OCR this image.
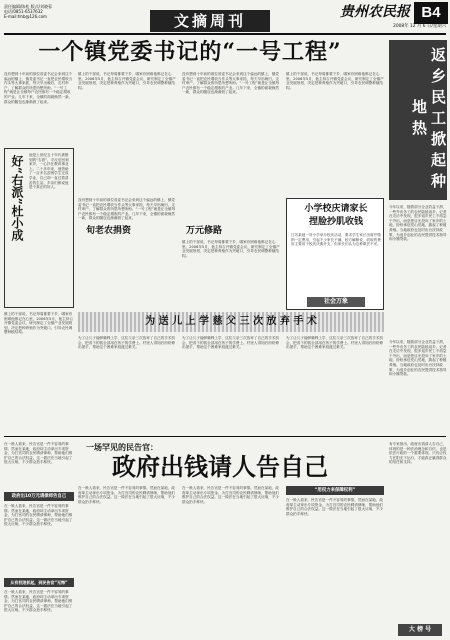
责任编辑/陈松 版式/刘晓蓉
电话/0851-6537632
E-mail:hhb@126.com	文摘周刊	贵州农民报 B4
2008年 12 月 6 日/星期六
一个镇党委书记的“一号工程”	返乡民工掀起种地热
今年以来，随着部分企业效益下滑，一些外出务工的农民陆续返乡。记者在走访中发现，很多返乡民工不再急于外出，而是把目光投向了家乡的土地，纷纷承包荒山荒地，搞起了种植养殖。当地政府也及时出台扶持政策，为返乡创业的农民提供技术指导和小额贷款。
没有想到十年前的那位省委书记会来到这个偏远的镇上，镇党委书记一直把农民增收当作头等大事来抓，每天早出晚归，走村串户，了解群众的所思所想所盼。“一号工程”就是让全镇每户农民都有一个稳定增收的产业。几年下来，全镇的面貌焕然一新，群众的腰包也渐渐鼓了起来。
镇上的干部说，书记每周都要下乡，哪家有困难他都记在心里。2006年5月，他主持召开镇党委会议，研究制定了全镇产业发展规划，决定把种养殖作为突破口，引导农民调整种植结构。
没有想到十年前的那位省委书记会来到这个偏远的镇上，镇党委书记一直把农民增收当作头等大事来抓，每天早出晚归，走村串户，了解群众的所思所想所盼。“一号工程”就是让全镇每户农民都有一个稳定增收的产业。几年下来，全镇的面貌焕然一新，群众的腰包也渐渐鼓了起来。
镇上的干部说，书记每周都要下乡，哪家有困难他都记在心里。2006年5月，他主持召开镇党委会议，研究制定了全镇产业发展规划，决定把种养殖作为突破口，引导农民调整种植结构。
好“右派”杜小成 他是上世纪五十年代被错划的“右派”，平反后回到家乡，一心扑在教育事业上。二十多年来，他资助了一百多名贫困学生完成学业，自己却一直过着清贫的生活。乡亲们都说他是个真正的好人。
没有想到十年前的那位省委书记会来到这个偏远的镇上，镇党委书记一直把农民增收当作头等大事来抓，每天早出晚归，走村串户，了解群众的所思所想所盼。“一号工程”就是让全镇每户农民都有一个稳定增收的产业。几年下来，全镇的面貌焕然一新，群众的腰包也渐渐鼓了起来。
旬老农捐资	万元修路
镇上的干部说，书记每周都要下乡，哪家有困难他都记在心里。2006年5月，他主持召开镇党委会议，研究制定了全镇产业发展规划，决定把种养殖作为突破口，引导农民调整种植结构。
小学校庆请家长
捏脸抄肌收钱
江苏某地一所小学举办校庆活动，要求学生家长出席并缴纳一定费用，引起不少家长不满。校方解释说，收取的费用主要用于校庆庆典开支，但家长们认为这种做法不妥。
社会万象
为 送 儿 上 学 慈 父 三 次 放 弃 手 术
为了让儿子能够顺利上学，这位父亲三次放弃了自己的手术机会，把省下的钱全部用在孩子的学费上。村里人得知后纷纷伸出援手，帮助这个困难家庭渡过难关。
为了让儿子能够顺利上学，这位父亲三次放弃了自己的手术机会，把省下的钱全部用在孩子的学费上。村里人得知后纷纷伸出援手，帮助这个困难家庭渡过难关。
为了让儿子能够顺利上学，这位父亲三次放弃了自己的手术机会，把省下的钱全部用在孩子的学费上。村里人得知后纷纷伸出援手，帮助这个困难家庭渡过难关。
镇上的干部说，书记每周都要下乡，哪家有困难他都记在心里。2006年5月，他主持召开镇党委会议，研究制定了全镇产业发展规划，决定把种养殖作为突破口，引导农民调整种植结构。
今年以来，随着部分企业效益下滑，一些外出务工的农民陆续返乡。记者在走访中发现，很多返乡民工不再急于外出，而是把目光投向了家乡的土地，纷纷承包荒山荒地，搞起了种植养殖。当地政府也及时出台扶持政策，为返乡创业的农民提供技术指导和小额贷款。
一场罕见的民告官：
政府出钱请人告自己
在一般人看来，民告官是一件不容易的事情。然而在某地，政府却主动拿出专项资金，为打官司的农民聘请律师，帮助他们维护自己的合法权益。这一做法在当地引起了很大反响，不少群众拍手称快。
政府出10万元请律师告自己
在一般人看来，民告官是一件不容易的事情。然而在某地，政府却主动拿出专项资金，为打官司的农民聘请律师，帮助他们维护自己的合法权益。这一做法在当地引起了很大反响，不少群众拍手称快。
从有权限抓起，到民告官“无悔”
在一般人看来，民告官是一件不容易的事情。然而在某地，政府却主动拿出专项资金，为打官司的农民聘请律师，帮助他们维护自己的合法权益。这一做法在当地引起了很大反响，不少群众拍手称快。
在一般人看来，民告官是一件不容易的事情。然而在某地，政府却主动拿出专项资金，为打官司的农民聘请律师，帮助他们维护自己的合法权益。这一做法在当地引起了很大反响，不少群众拍手称快。
在一般人看来，民告官是一件不容易的事情。然而在某地，政府却主动拿出专项资金，为打官司的农民聘请律师，帮助他们维护自己的合法权益。这一做法在当地引起了很大反响，不少群众拍手称快。
“用权力来保障权利”
在一般人看来，民告官是一件不容易的事情。然而在某地，政府却主动拿出专项资金，为打官司的农民聘请律师，帮助他们维护自己的合法权益。这一做法在当地引起了很大反响，不少群众拍手称快。
有专家指出，政府出钱请人告自己，体现的是一种法治理念和自信，也是依法行政的一个重要体现。只有让权力在阳光下运行，才能真正赢得群众的信任和支持。
大 榜 号
